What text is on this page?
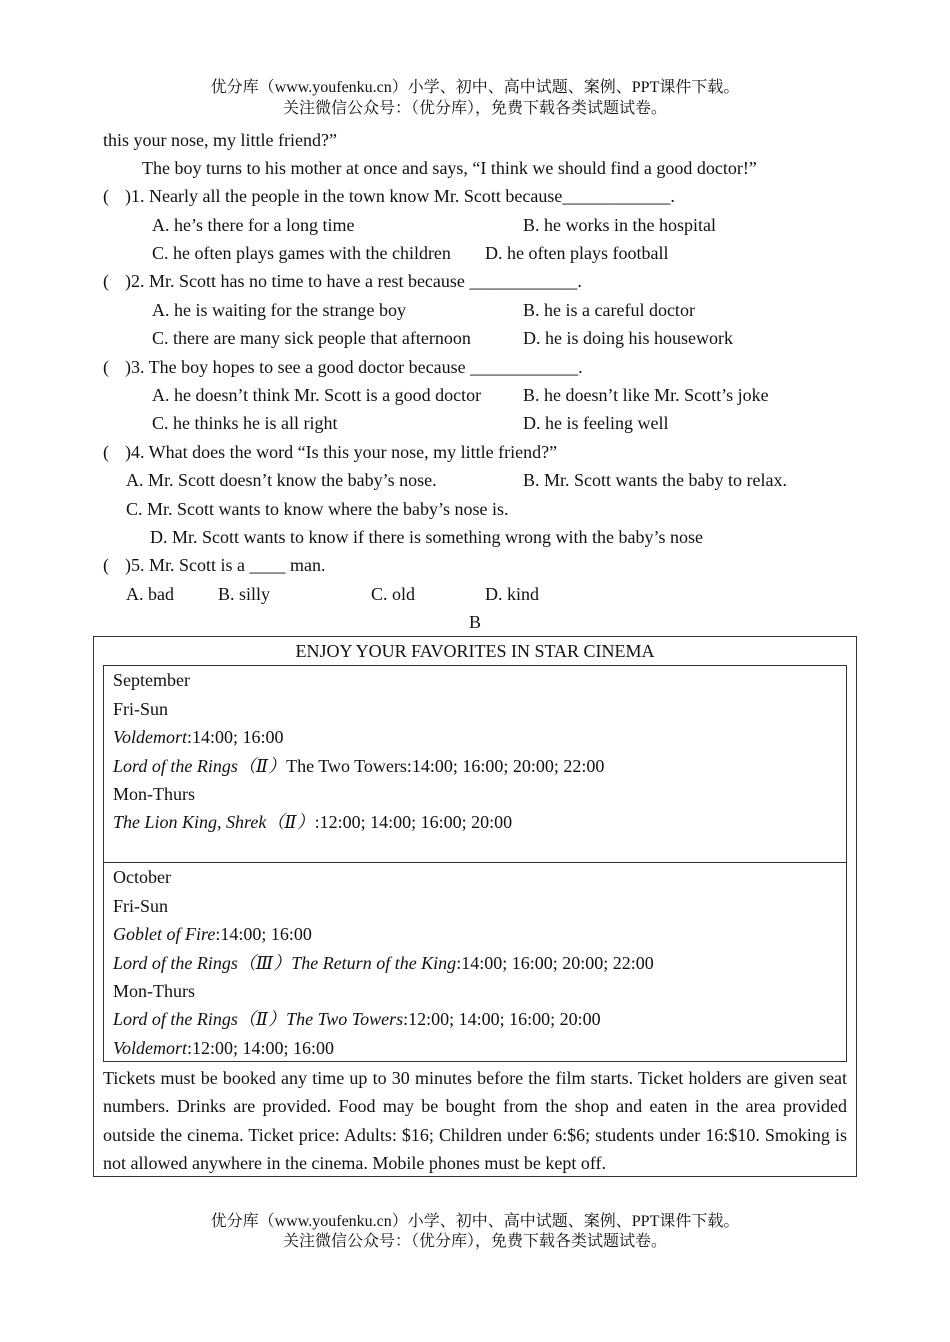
优分库（www.youfenku.cn）小学、初中、高中试题、案例、PPT课件下载。
关注微信公众号：（优分库），免费下载各类试题试卷。
this your nose, my little friend?”
The boy turns to his mother at once and says, “I think we should find a good doctor!”
( )1. Nearly all the people in the town know Mr. Scott because____________.
A. he’s there for a long time	B. he works in the hospital
C. he often plays games with the children D. he often plays football
( )2. Mr. Scott has no time to have a rest because ____________.
A. he is waiting for the strange boy	B. he is a careful doctor
C. there are many sick people that afternoon	D. he is doing his housework
( )3. The boy hopes to see a good doctor because ____________.
A. he doesn’t think Mr. Scott is a good doctor B. he doesn’t like Mr. Scott’s joke
C. he thinks he is all right	D. he is feeling well
( )4. What does the word “Is this your nose, my little friend?”
A. Mr. Scott doesn’t know the baby’s nose.	B. Mr. Scott wants the baby to relax.
C. Mr. Scott wants to know where the baby’s nose is.
D. Mr. Scott wants to know if there is something wrong with the baby’s nose
( )5. Mr. Scott is a ____ man.
A. bad B. silly	C. old	D. kind
B
ENJOY YOUR FAVORITES IN STAR CINEMA
September
Fri-Sun
Voldemort:14:00; 16:00
Lord of the Rings（Ⅱ）The Two Towers:14:00; 16:00; 20:00; 22:00
Mon-Thurs
The Lion King, Shrek（Ⅱ）:12:00; 14:00; 16:00; 20:00
October
Fri-Sun
Goblet of Fire:14:00; 16:00
Lord of the Rings（Ⅲ）The Return of the King:14:00; 16:00; 20:00; 22:00
Mon-Thurs
Lord of the Rings（Ⅱ）The Two Towers:12:00; 14:00; 16:00; 20:00
Voldemort:12:00; 14:00; 16:00
Tickets must be booked any time up to 30 minutes before the film starts. Ticket holders are given seat numbers. Drinks are provided. Food may be bought from the shop and eaten in the area provided outside the cinema. Ticket price: Adults: $16; Children under 6:$6; students under 16:$10. Smoking is not allowed anywhere in the cinema. Mobile phones must be kept off.
优分库（www.youfenku.cn）小学、初中、高中试题、案例、PPT课件下载。
关注微信公众号：（优分库），免费下载各类试题试卷。
